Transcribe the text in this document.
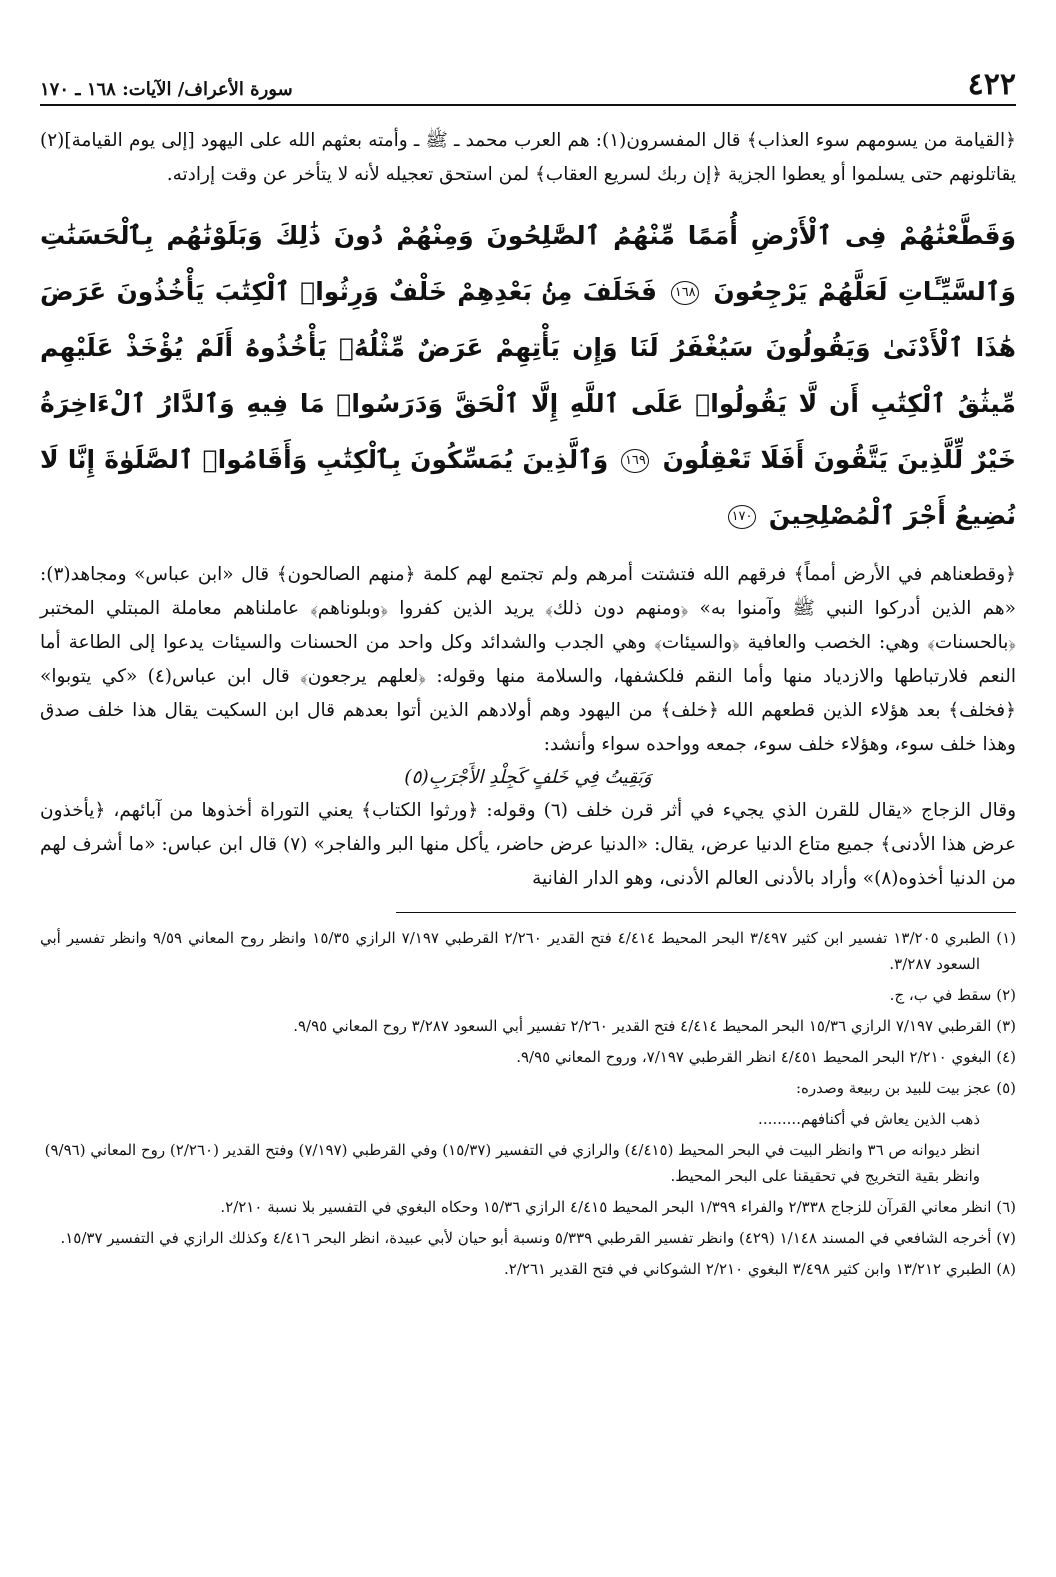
٤٢٢
سورة الأعراف/ الآيات: ١٦٨ ـ ١٧٠

﴿القيامة من يسومهم سوء العذاب﴾ قال المفسرون(١): هم العرب محمد ـ ﷺ ـ وأمته بعثهم الله على اليهود [إلى يوم القيامة](٢) يقاتلونهم حتى يسلموا أو يعطوا الجزية ﴿إن ربك لسريع العقاب﴾ لمن استحق تعجيله لأنه لا يتأخر عن وقت إرادته.

وَقَطَّعْنَٰهُمْ فِى ٱلْأَرْضِ أُمَمًا مِّنْهُمُ ٱلصَّٰلِحُونَ وَمِنْهُمْ دُونَ ذَٰلِكَ وَبَلَوْنَٰهُم بِٱلْحَسَنَٰتِ وَٱلسَّيِّـَٔاتِ لَعَلَّهُمْ يَرْجِعُونَ ١٦٨ فَخَلَفَ مِنۢ بَعْدِهِمْ خَلْفٌ وَرِثُوا۟ ٱلْكِتَٰبَ يَأْخُذُونَ عَرَضَ هَٰذَا ٱلْأَدْنَىٰ وَيَقُولُونَ سَيُغْفَرُ لَنَا وَإِن يَأْتِهِمْ عَرَضٌ مِّثْلُهُۥ يَأْخُذُوهُ أَلَمْ يُؤْخَذْ عَلَيْهِم مِّيثَٰقُ ٱلْكِتَٰبِ أَن لَّا يَقُولُوا۟ عَلَى ٱللَّهِ إِلَّا ٱلْحَقَّ وَدَرَسُوا۟ مَا فِيهِ وَٱلدَّارُ ٱلْءَاخِرَةُ خَيْرٌ لِّلَّذِينَ يَتَّقُونَ أَفَلَا تَعْقِلُونَ ١٦٩ وَٱلَّذِينَ يُمَسِّكُونَ بِٱلْكِتَٰبِ وَأَقَامُوا۟ ٱلصَّلَوٰةَ إِنَّا لَا نُضِيعُ أَجْرَ ٱلْمُصْلِحِينَ ١٧٠

﴿وقطعناهم في الأرض أمماً﴾ فرقهم الله فتشتت أمرهم ولم تجتمع لهم كلمة ﴿منهم الصالحون﴾ قال «ابن عباس» ومجاهد(٣): «هم الذين أدركوا النبي ﷺ وآمنوا به» ﴿ومنهم دون ذلك﴾ يريد الذين كفروا ﴿وبلوناهم﴾ عاملناهم معاملة المبتلي المختبر ﴿بالحسنات﴾ وهي: الخصب والعافية ﴿والسيئات﴾ وهي الجدب والشدائد وكل واحد من الحسنات والسيئات يدعوا إلى الطاعة أما النعم فلارتباطها والازدياد منها وأما النقم فلكشفها، والسلامة منها وقوله: ﴿لعلهم يرجعون﴾ قال ابن عباس(٤) «كي يتوبوا» ﴿فخلف﴾ بعد هؤلاء الذين قطعهم الله ﴿خلف﴾ من اليهود وهم أولادهم الذين أتوا بعدهم قال ابن السكيت يقال هذا خلف صدق وهذا خلف سوء، وهؤلاء خلف سوء، جمعه وواحده سواء وأنشد:

وَبَقِيتُ فِي خَلفٍ كَجِلْدِ الأَجْرَبِ(٥)

وقال الزجاج «يقال للقرن الذي يجيء في أثر قرن خلف (٦) وقوله: ﴿ورثوا الكتاب﴾ يعني التوراة أخذوها من آبائهم، ﴿يأخذون عرض هذا الأدنى﴾ جميع متاع الدنيا عرض، يقال: «الدنيا عرض حاضر، يأكل منها البر والفاجر» (٧) قال ابن عباس: «ما أشرف لهم من الدنيا أخذوه(٨)» وأراد بالأدنى العالم الأدنى، وهو الدار الفانية

(١) الطبري ١٣/٢٠٥ تفسير ابن كثير ٣/٤٩٧ البحر المحيط ٤/٤١٤ فتح القدير ٢/٢٦٠ القرطبي ٧/١٩٧ الرازي ١٥/٣٥ وانظر روح المعاني ٩/٥٩ وانظر تفسير أبي السعود ٣/٢٨٧.

(٢) سقط في ب، ج.

(٣) القرطبي ٧/١٩٧ الرازي ١٥/٣٦ البحر المحيط ٤/٤١٤ فتح القدير ٢/٢٦٠ تفسير أبي السعود ٣/٢٨٧ روح المعاني ٩/٩٥.

(٤) البغوي ٢/٢١٠ البحر المحيط ٤/٤٥١ انظر القرطبي ٧/١٩٧، وروح المعاني ٩/٩٥.

(٥) عجز بيت للبيد بن ربيعة وصدره:

ذهب الذين يعاش في أكنافهم.........

انظر ديوانه ص ٣٦ وانظر البيت في البحر المحيط (٤/٤١٥) والرازي في التفسير (١٥/٣٧) وفي القرطبي (٧/١٩٧) وفتح القدير (٢/٢٦٠) روح المعاني (٩/٩٦) وانظر بقية التخريج في تحقيقنا على البحر المحيط.

(٦) انظر معاني القرآن للزجاج ٢/٣٣٨ والفراء ١/٣٩٩ البحر المحيط ٤/٤١٥ الرازي ١٥/٣٦ وحكاه البغوي في التفسير بلا نسبة ٢/٢١٠.

(٧) أخرجه الشافعي في المسند ١/١٤٨ (٤٢٩) وانظر تفسير القرطبي ٥/٣٣٩ ونسبة أبو حيان لأبي عبيدة، انظر البحر ٤/٤١٦ وكذلك الرازي في التفسير ١٥/٣٧.

(٨) الطبري ١٣/٢١٢ وابن كثير ٣/٤٩٨ البغوي ٢/٢١٠ الشوكاني في فتح القدير ٢/٢٦١.
